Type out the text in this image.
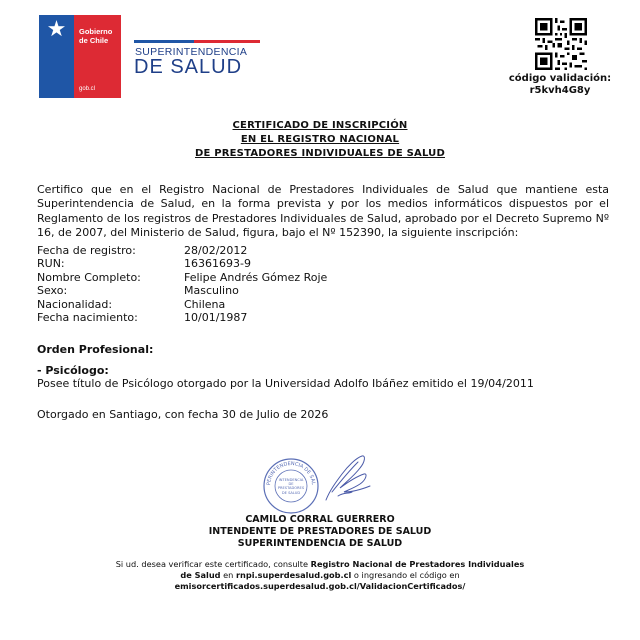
★	Gobierno
de Chile
gob.cl
SUPERINTENDENCIA
DE SALUD
código validación:
r5kvh4G8y
CERTIFICADO DE INSCRIPCIÓN
EN EL REGISTRO NACIONAL
DE PRESTADORES INDIVIDUALES DE SALUD
Certifico que en el Registro Nacional de Prestadores Individuales de Salud que mantiene esta Superintendencia de Salud, en la forma prevista y por los medios informáticos dispuestos por el Reglamento de los registros de Prestadores Individuales de Salud, aprobado por el Decreto Supremo Nº 16, de 2007, del Ministerio de Salud, figura, bajo el Nº 152390, la siguiente inscripción:
Fecha de registro:	28/02/2012
RUN:	16361693-9
Nombre Completo:	Felipe Andrés Gómez Roje
Sexo:	Masculino
Nacionalidad:	Chilena
Fecha nacimiento:	10/01/1987
Orden Profesional:
- Psicólogo:
Posee título de Psicólogo otorgado por la Universidad Adolfo Ibáñez emitido el 19/04/2011
Otorgado en Santiago, con fecha 30 de Julio de 2026
PERINTENDENCIA DE SAL
INTENDENCIA DE PRESTADORES DE SALUD
CAMILO CORRAL GUERRERO
INTENDENTE DE PRESTADORES DE SALUD
SUPERINTENDENCIA DE SALUD
Si ud. desea verificar este certificado, consulte Registro Nacional de Prestadores Individuales de Salud en rnpi.superdesalud.gob.cl o ingresando el código en
emisorcertificados.superdesalud.gob.cl/ValidacionCertificados/
